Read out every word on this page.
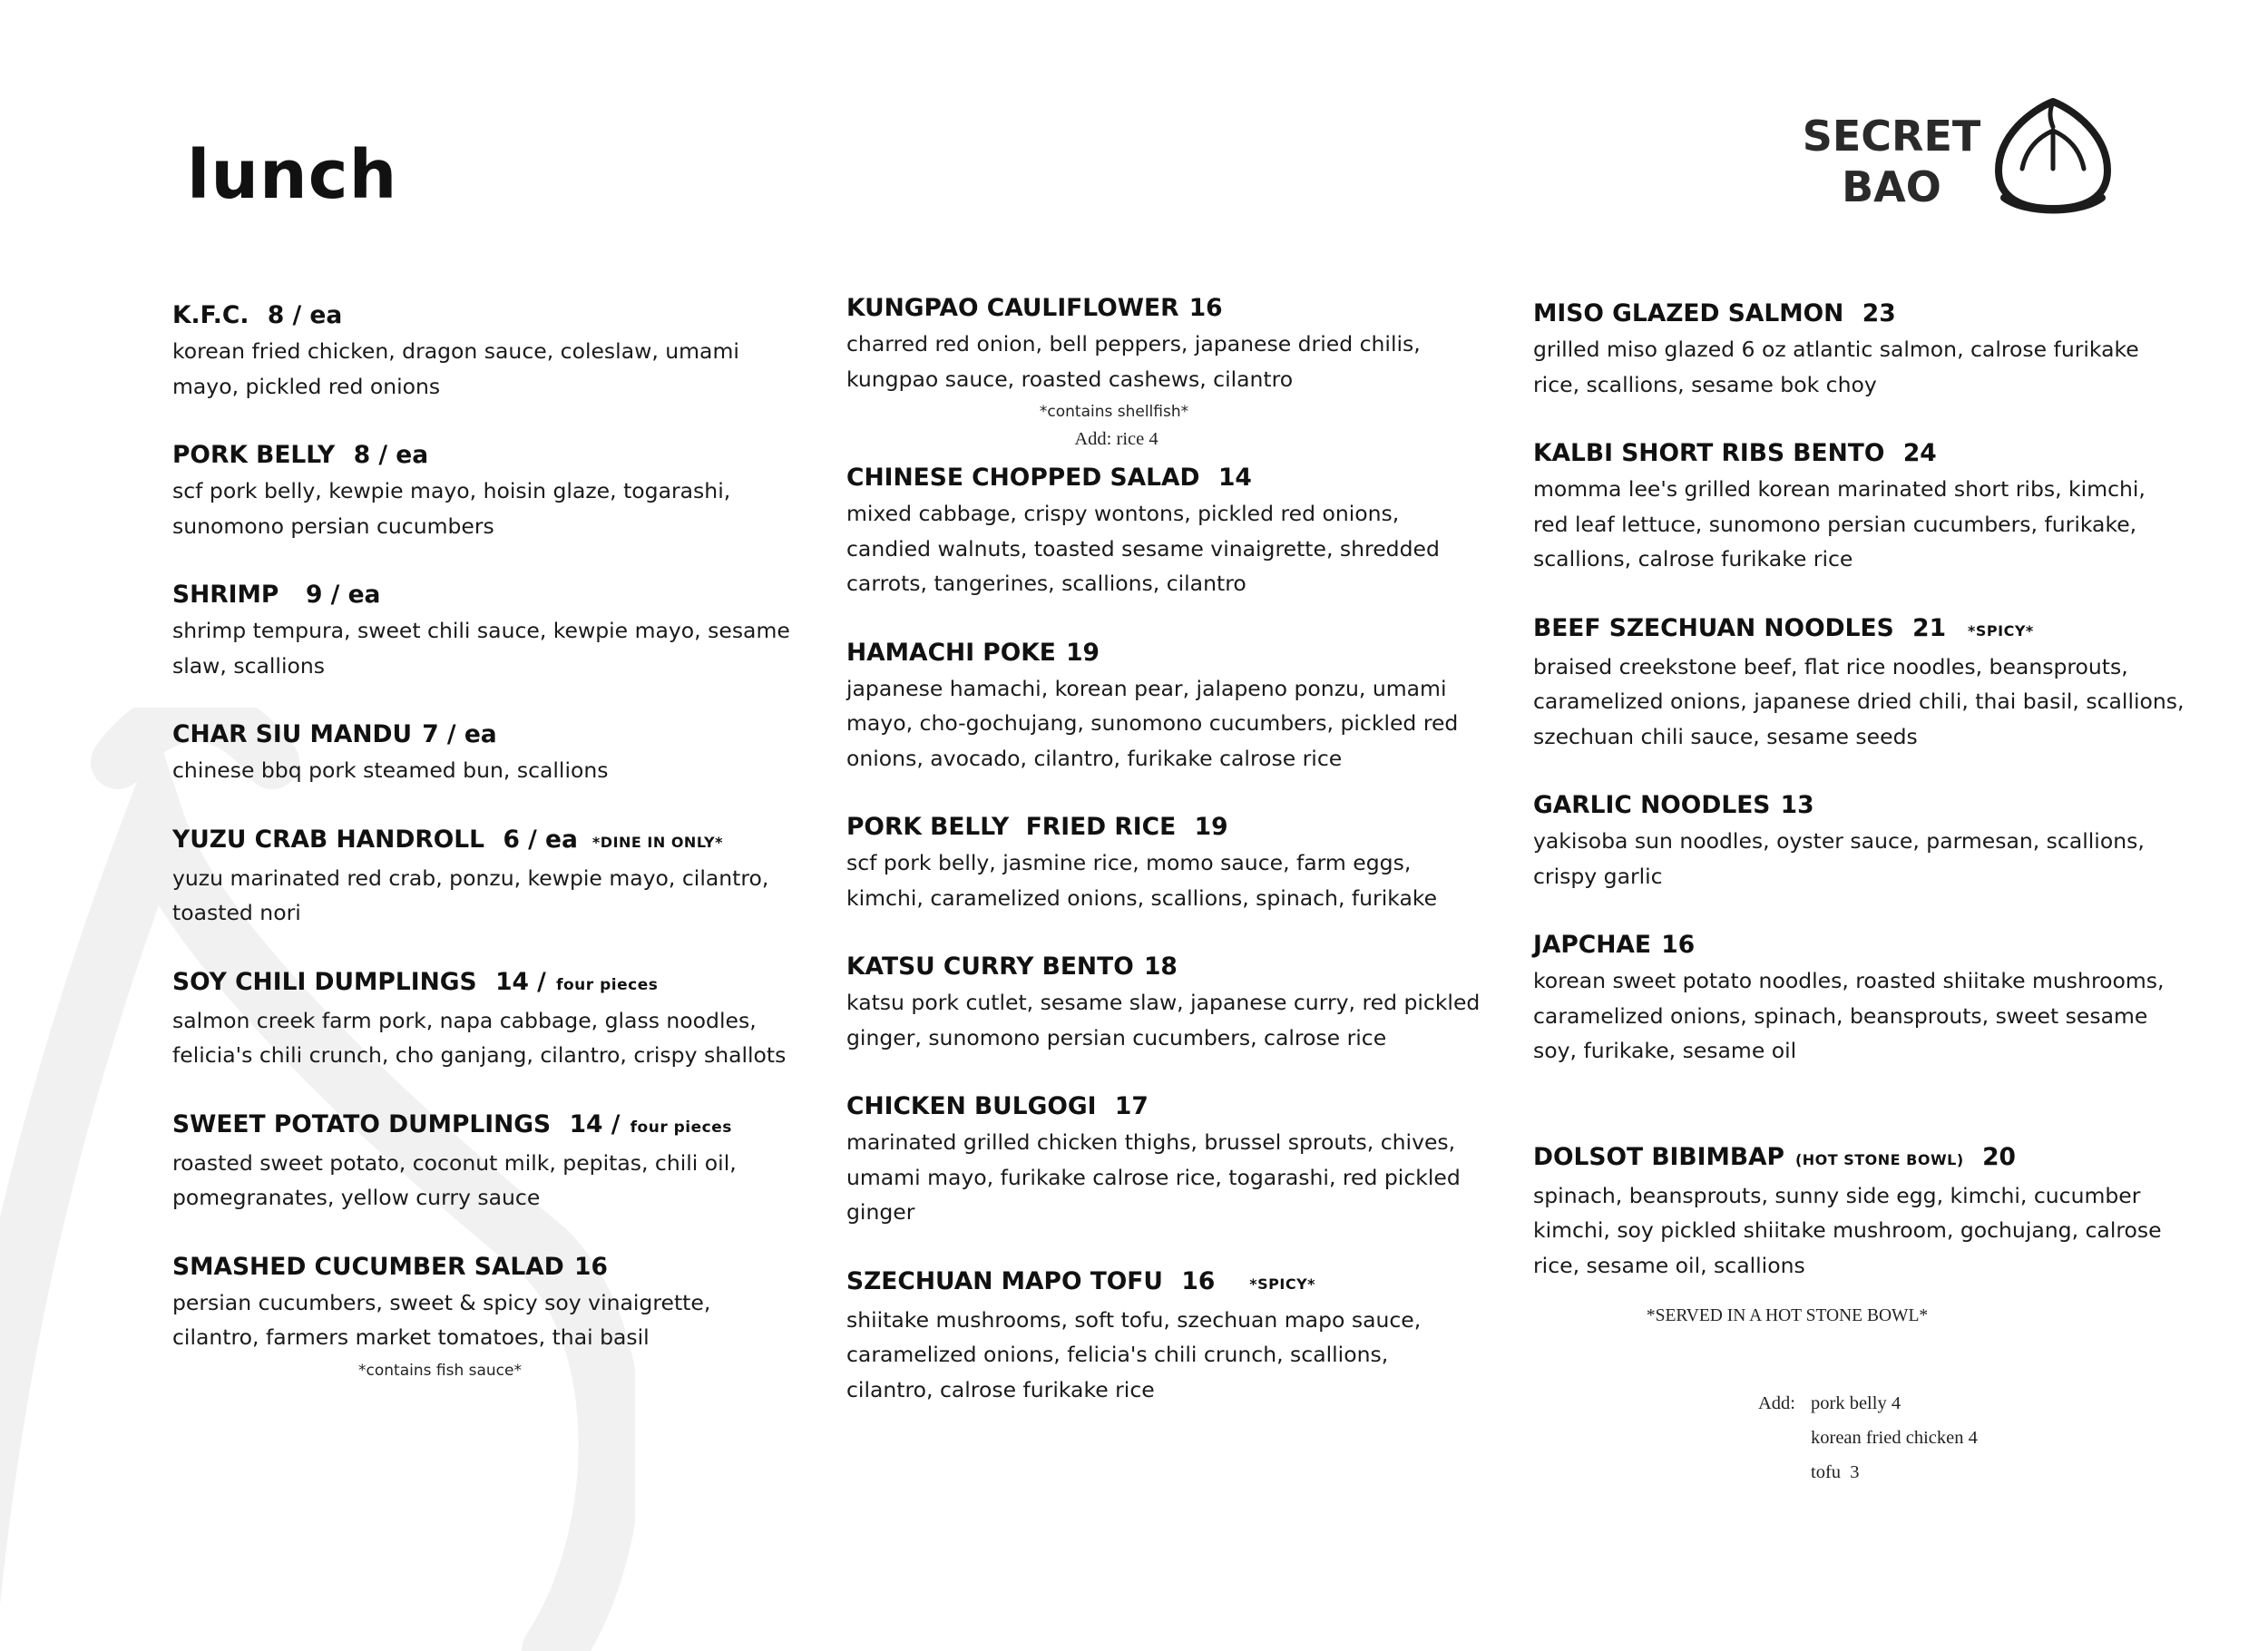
lunch	SECRET
BAO
K.F.C. 8 / ea
korean fried chicken, dragon sauce, coleslaw, umami mayo, pickled red onions
PORK BELLY 8 / ea
scf pork belly, kewpie mayo, hoisin glaze, togarashi, sunomono persian cucumbers
SHRIMP 9 / ea
shrimp tempura, sweet chili sauce, kewpie mayo, sesame slaw, scallions
CHAR SIU MANDU 7 / ea
chinese bbq pork steamed bun, scallions
YUZU CRAB HANDROLL 6 / ea *DINE IN ONLY*
yuzu marinated red crab, ponzu, kewpie mayo, cilantro, toasted nori
SOY CHILI DUMPLINGS 14 / four pieces
salmon creek farm pork, napa cabbage, glass noodles, felicia's chili crunch, cho ganjang, cilantro, crispy shallots
SWEET POTATO DUMPLINGS 14 / four pieces
roasted sweet potato, coconut milk, pepitas, chili oil, pomegranates, yellow curry sauce
SMASHED CUCUMBER SALAD 16
persian cucumbers, sweet & spicy soy vinaigrette, cilantro, farmers market tomatoes, thai basil
*contains fish sauce*
KUNGPAO CAULIFLOWER 16
charred red onion, bell peppers, japanese dried chilis, kungpao sauce, roasted cashews, cilantro
*contains shellfish*
Add: rice 4
CHINESE CHOPPED SALAD 14
mixed cabbage, crispy wontons, pickled red onions, candied walnuts, toasted sesame vinaigrette, shredded carrots, tangerines, scallions, cilantro
HAMACHI POKE 19
japanese hamachi, korean pear, jalapeno ponzu, umami mayo, cho-gochujang, sunomono cucumbers, pickled red onions, avocado, cilantro, furikake calrose rice
PORK BELLY  FRIED RICE 19
scf pork belly, jasmine rice, momo sauce, farm eggs, kimchi, caramelized onions, scallions, spinach, furikake
KATSU CURRY BENTO 18
katsu pork cutlet, sesame slaw, japanese curry, red pickled ginger, sunomono persian cucumbers, calrose rice
CHICKEN BULGOGI 17
marinated grilled chicken thighs, brussel sprouts, chives, umami mayo, furikake calrose rice, togarashi, red pickled ginger
SZECHUAN MAPO TOFU 16 *SPICY*
shiitake mushrooms, soft tofu, szechuan mapo sauce, caramelized onions, felicia's chili crunch, scallions, cilantro, calrose furikake rice
MISO GLAZED SALMON 23
grilled miso glazed 6 oz atlantic salmon, calrose furikake rice, scallions, sesame bok choy
KALBI SHORT RIBS BENTO 24
momma lee's grilled korean marinated short ribs, kimchi, red leaf lettuce, sunomono persian cucumbers, furikake, scallions, calrose furikake rice
BEEF SZECHUAN NOODLES 21 *SPICY*
braised creekstone beef, flat rice noodles, beansprouts, caramelized onions, japanese dried chili, thai basil, scallions, szechuan chili sauce, sesame seeds
GARLIC NOODLES 13
yakisoba sun noodles, oyster sauce, parmesan, scallions, crispy garlic
JAPCHAE 16
korean sweet potato noodles, roasted shiitake mushrooms, caramelized onions, spinach, beansprouts, sweet sesame soy, furikake, sesame oil
DOLSOT BIBIMBAP (HOT STONE BOWL) 20
spinach, beansprouts, sunny side egg, kimchi, cucumber kimchi, soy pickled shiitake mushroom, gochujang, calrose rice, sesame oil, scallions
*SERVED IN A HOT STONE BOWL*
Add: pork belly 4
korean fried chicken 4
tofu  3
